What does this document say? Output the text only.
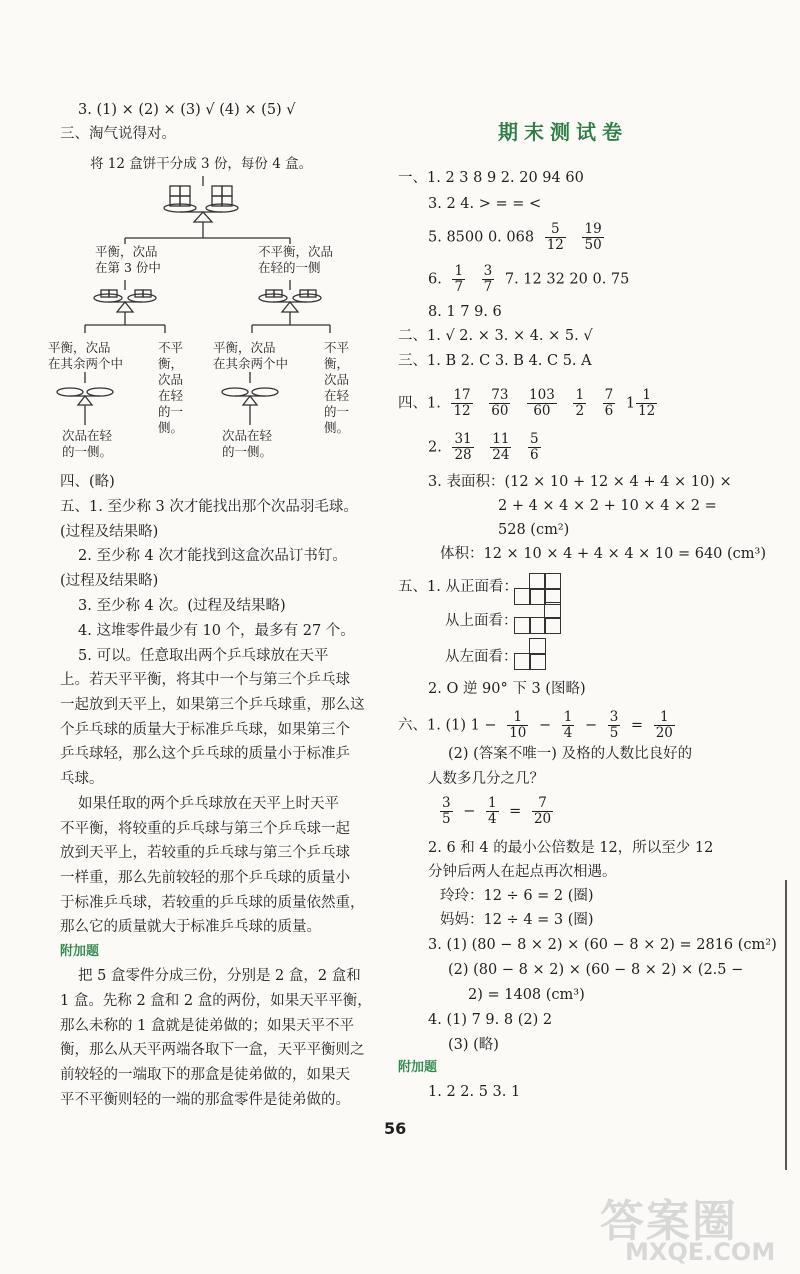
3. (1) × (2) × (3) √ (4) × (5) √
三、淘气说得对。
将 12 盒饼干分成 3 份，每份 4 盒。
平衡，次品
在第 3 份中
不平衡，次品
在轻的一侧
平衡，次品
在其余两个中
不平
衡，
次品
在轻
的一
侧。
平衡，次品
在其余两个中
不平
衡，
次品
在轻
的一
侧。
次品在轻
的一侧。
次品在轻
的一侧。
四、(略)
五、1. 至少称 3 次才能找出那个次品羽毛球。
(过程及结果略)
2. 至少称 4 次才能找到这盒次品订书钉。
(过程及结果略)
3. 至少称 4 次。(过程及结果略)
4. 这堆零件最少有 10 个，最多有 27 个。
5. 可以。任意取出两个乒乓球放在天平
上。若天平平衡，将其中一个与第三个乒乓球
一起放到天平上，如果第三个乒乓球重，那么这
个乒乓球的质量大于标准乒乓球，如果第三个
乒乓球轻，那么这个乒乓球的质量小于标准乒
乓球。
如果任取的两个乒乓球放在天平上时天平
不平衡，将较重的乒乓球与第三个乒乓球一起
放到天平上，若较重的乒乓球与第三个乒乓球
一样重，那么先前较轻的那个乒乓球的质量小
于标准乒乓球，若较重的乒乓球的质量依然重，
那么它的质量就大于标准乒乓球的质量。
附加题
把 5 盒零件分成三份，分别是 2 盒，2 盒和
1 盒。先称 2 盒和 2 盒的两份，如果天平平衡，
那么未称的 1 盒就是徒弟做的；如果天平不平
衡，那么从天平两端各取下一盒，天平平衡则之
前较轻的一端取下的那盒是徒弟做的，如果天
平不平衡则轻的一端的那盒零件是徒弟做的。
期末测试卷
一、1. 2 3 8 9 2. 20 94 60
3. 2 4. > = = <
5. 8500 0. $068 \frac{5}{12}$
$\frac{19}{50}$
6. $\frac{1}{7}$
$\frac{3}{7} 7$. 12 32 20 0. 75
8. 1 7 9. 6
二、1. √ 2. × 3. × 4. × 5. √
三、1. B 2. C 3. B 4. C 5. A
四、1. $\frac{17}{12}$
$\frac{73}{60}$
$\frac{103}{60}$
$\frac{1}{2}$
$\frac{7}{6} 1 \frac{1}{12}$
2. $\frac{31}{28}$
$\frac{11}{24}$
$\frac{5}{6}$
3. 表面积：(12 × 10 + 12 × 4 + 4 × 10) ×
2 + 4 × 4 × 2 + 10 × 4 × 2 =
528 (cm²)
体积：12 × 10 × 4 + 4 × 4 × 10 = 640 (cm³)
五、1. 从正面看：
从上面看：
从左面看：
2. O 逆 90° 下 3 (图略)
六、1. (1) $1 - \frac{1}{10} - \frac{1}{4} - \frac{3}{5} = \frac{1}{20}$
(2) (答案不唯一) 及格的人数比良好的
人数多几分之几？
$\frac{3}{5} - \frac{1}{4} = \frac{7}{20}$
2. 6 和 4 的最小公倍数是 12，所以至少 12
分钟后两人在起点再次相遇。
玲玲：12 ÷ 6 = 2 (圈)
妈妈：12 ÷ 4 = 3 (圈)
3. (1) (80 − 8 × 2) × (60 − 8 × 2) = 2816 (cm²)
(2) (80 − 8 × 2) × (60 − 8 × 2) × (2.5 −
2) = 1408 (cm³)
4. (1) 7 9. 8 (2) 2
(3) (略)
附加题
1. 2 2. 5 3. 1
56
答案圈
MXQE.COM
